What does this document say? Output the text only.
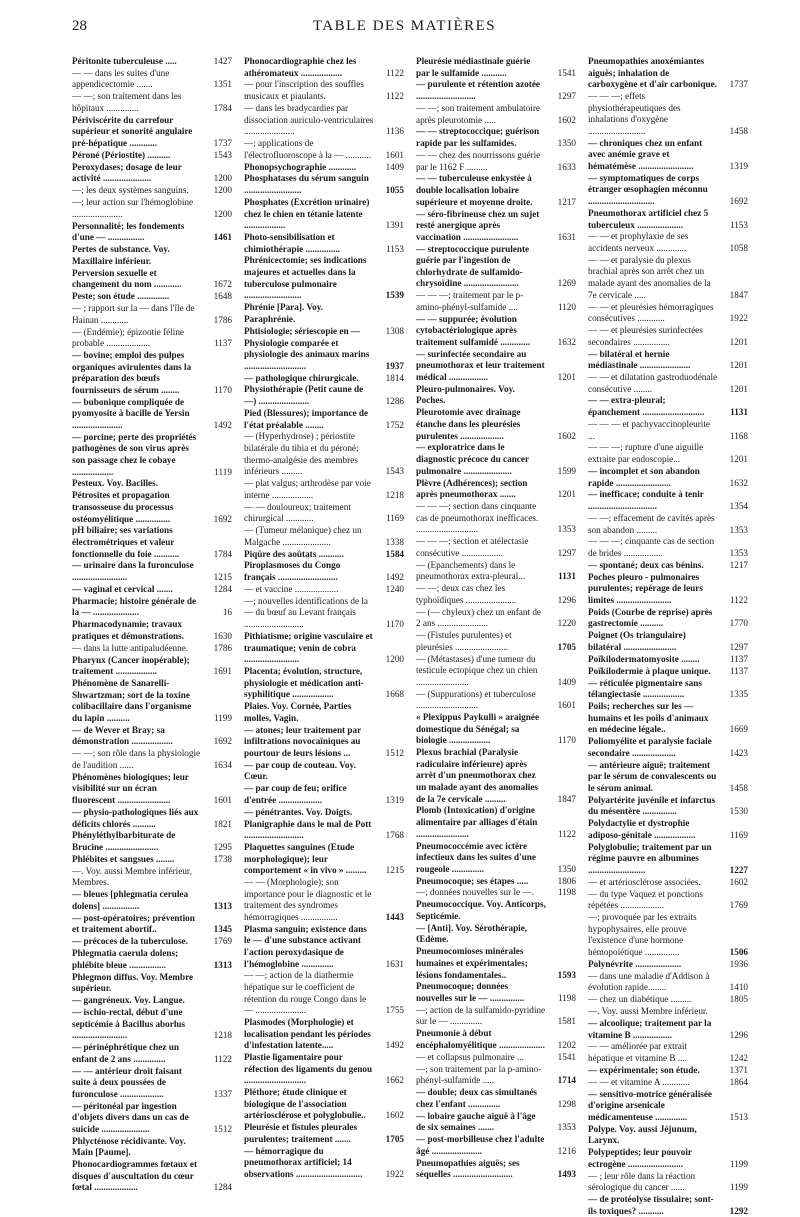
28	TABLE DES MATIÈRES
Péritonite tuberculeuse .....	1427
— — dans les suites d'une appendicectomie .......	1351
— —; son traitement dans les hôpitaux ..............	1784
Périviscérite du carrefour supérieur et sonorité angulaire pré-hépatique ............	1737
Péroné (Périostite) ..........	1543
Peroxydases; dosage de leur activité .....................	1200
—; les deux systèmes sanguins.	1200
—; leur action sur l'hémoglobine ......................	1200
Personnalité; les fondements d'une — ................	1461
Pertes de substance. Voy. Maxillaire inférieur.
Perversion sexuelle et changement du nom ............	1672
Peste; son étude ..............	1648
— ; rapport sur la — dans l'île de Hainan ............	1786
— (Endémie); épizootie féline probable ...................	1137
— bovine; emploi des pulpes organiques avirulentes dans la préparation des bœufs fournisseurs de sérum ........	1170
— bubonique compliquée de pyomyosite à bacille de Yersin ......................	1492
— porcine; perte des propriétés pathogènes de son virus après son passage chez le cobaye ..................	1119
Pesteux. Voy. Bacilles.
Pétrosites et propagation transosseuse du processus ostéomyélitique ...............	1692
pH biliaire; ses variations électrométriques et valeur fonctionnelle du foie ...........	1784
— urinaire dans la furonculose ........................	1215
— vaginal et cervical .......	1284
Pharmacie; histoire générale de la — ....................	16
Pharmacodynamie; travaux pratiques et démonstrations.	1630
— dans la lutte antipaludéenne.	1786
Pharynx (Cancer inopérable); traitement ..................	1691
Phénomène de Sanarelli-Shwartzman; sort de la toxine colibacillaire dans l'organisme du lapin ..........	1199
— de Wever et Bray; sa démonstration ..................	1692
— —; son rôle dans la physiologie de l'audition ......	1634
Phénomènes biologiques; leur visibilité sur un écran fluorescent .......................	1601
— physio-pathologiques liés aux déficits chlorés ..........	1821
Phényléthylbarbiturate de Brucine .......................	1295
Phlébites et sangsues ........	1738
—. Voy. aussi Membre inférieur, Membres.
— bleues [phlegmatia cerulea dolens] ................	1313
— post-opératoires; prévention et traitement abortif..	1345
— précoces de la tuberculose.	1769
Phlegmatia caerula dolens; phlébite bleue ................	1313
Phlegmon diffus. Voy. Membre supérieur.
— gangréneux. Voy. Langue.
— ischio-rectal, début d'une septicémie à Bacillus aborlus ........................	1218
— périnéphrétique chez un enfant de 2 ans ..............	1122
— — antérieur droit faisant suite à deux poussées de furonculose ...................	1337
— péritonéal par ingestion d'objets divers dans un cas de suicide .....................	1512
Phlycténose récidivante. Voy. Main [Paume].
Phonocardiogrammes fœtaux et disques d'auscultation du cœur fœtal ...................	1284
Phonocardiographie chez les athéromateux ..................	1122
— pour l'inscription des souffles musicaux et piaulants.	1122
— dans les bradycardies par dissociation auriculo-ventriculaires ......................	1136
—; applications de l'électrofluoroscope à la — ...........	1601
Phonopsychographie ............	1409
Phosphatases du sérum sanguin .........................	1055
Phosphates (Excrétion urinaire) chez le chien en tétanie latente ..................	1391
Photo-sensibilisation et chimiothérapie ...............	1153
Phrénicectomie; ses indications majeures et actuelles dans la tuberculose pulmonaire .........................	1539
Phrénie [Para]. Voy. Paraphrénie.
Phtisiologie; sériescopie en —	1308
Physiologie comparée et physiologie des animaux marins ...........................	1937
— pathologique chirurgicale.	1814
Physiothérapie (Petit caune de —) ......................	1286
Pied (Blessures); importance de l'état préalable ........	1752
— (Hyperhydrose) ; périostite bilatérale du tibia et du péroné; thermo-analgésie des membres inférieurs .........	1543
— plat valgus; arthrodèse par voie interne ..................	1218
— — douloureux; traitement chirurgical ............	1169
— (Tumeur mélanique) chez un Malgache .....................	1338
Piqûre des aoûtats ...........	1584
Piroplasmoses du Congo français ..........................	1492
— et vaccine ...................	1240
—; nouvelles identifications de la — du bœuf au Levant français ..........................	1170
Pithiatisme; origine vasculaire et traumatique; venin de cobra ........................	1200
Placenta; évolution, structure, physiologie et médication anti-syphilitique ..................	1668
Plaies. Voy. Cornée, Parties molles, Vagin.
— atones; leur traitement par infiltrations novocaïniques au pourtour de leurs lésions ...	1512
— par coup de couteau. Voy. Cœur.
— par coup de feu; orifice d'entrée ...................	1319
— pénétrantes. Voy. Doigts.
Planigraphie dans le mal de Pott ..........................	1768
Plaquettes sanguines (Etude morphologique); leur comportement « in vivo » .........	1215
— — (Morphologie); son importance pour le diagnostic et le traitement des syndromes hémorragiques ................	1443
Plasma sanguin; existence dans le — d'une substance activant l'action peroxydasique de l'hémoglobine ..............	1631
— —; action de la diathermie hépatique sur le coefficient de rétention du rouge Congo dans le — ......................	1755
Plasmodes (Morphologie) et localisation pendant les périodes d'infestation latente.....	1492
Plastie ligamentaire pour réfection des ligaments du genou ...........................	1662
Pléthore; étude clinique et biologique de l'association artériosclérose et polyglobulie..	1602
Pleurésie et fistules pleurales purulentes; traitement .......	1705
— hémorragique du pneumothorax artificiel; 14 observations .............................	1922
Pleurésie médiastinale guérie par le sulfamide ...........	1541
— purulente et rétention azotée ..........................	1297
— —; son traitement ambulatoire après pleurotomie .....	1602
— — streptococcique; guérison rapide par les sulfamides.	1350
— — chez des nourrissons guérie par le 1162 F .........	1633
— — tuberculeuse enkystée à double localisation lobaire supérieure et moyenne droite.	1217
— séro-fibrineuse chez un sujet resté anergique après vaccination ........................	1631
— streptococcique purulente guérie par l'ingestion de chlorhydrate de sulfamido-chrysoïdine ........................	1269
— — —; traitement par le p-amino-phényl-sulfamide ....	1120
— — suppurée; évolution cytobactériologique après traitement sulfamidé .............	1632
— surinfectée secondaire au pneumothorax et leur traitement médical .................	1201
Pleuro-pulmonaires. Voy. Poches.
Pleurotomie avec drainage étanche dans les pleurésies purulentes ...................	1602
— exploratrice dans le diagnostic précoce du cancer pulmonaire .....................	1599
Plèvre (Adhérences); section après pneumothorax .......	1201
— — —; section dans cinquante cas de pneumothorax inefficaces. ...........................	1353
— — —; section et atélectasie consécutive ..................	1297
— (Epanchements) dans le pneumothorax extra-pleural...	1131
— —; deux cas chez les typhoïdiques ......................	1296
— (— chyleux) chez un enfant de 2 ans ......................	1220
— (Fistules purulentes) et pleurésies .......................	1705
— (Métastases) d'une tumeur du testicule ectopique chez un chien .......................	1409
— (Suppurations) et tuberculose ...........................	1601
« Plexippus Paykulli » araignée domestique du Sénégal; sa biologie ..................	1170
Plexus brachial (Paralysie radiculaire inférieure) après arrêt d'un pneumothorax chez un malade ayant des anomalies de la 7e cervicale .........	1847
Plomb (Intoxication) d'origine alimentaire par alliages d'étain .......................	1122
Pneumococcémie avec ictère infectieux dans les suites d'une rougeole ..............	1350
Pneumocoque; ses étapes .....	1806
—; données nouvelles sur le —.	1198
Pneumococcique. Voy. Anticorps, Septicémie.
— [Anti]. Voy. Sérothérapie, Œdème.
Pneumocomioses minérales humaines et expérimentales; lésions fondamentales..	1593
Pneumocoque; données nouvelles sur le — ...............	1198
—; action de la sulfamido-pyridine sur le — ..............	1581
Pneumonie à début encéphalomyélitique .................... 1202
— et collapsus pulmonaire ...	1541
—; son traitement par la p-amino-phényl-sulfamide .....	1714
— double; deux cas simultanés chez l'enfant ..............	1298
— lobaire gauche aiguë à l'âge de six semaines .......	1353
— post-morbilleuse chez l'adulte âgé ......................	1216
Pneumopathies aiguës; ses séquelles ..........................	1493
Pneumopathies anoxémiantes aiguës; inhalation de carboxygène et d'air carbonique. 1737
— — —; effets physiothérapeutiques des inhalations d'oxygène .........................	1458
— chroniques chez un enfant avec anémie grave et hématémèse ........................	1319
— symptomatiques de corps étranger œsophagien méconnu .............................	1692
Pneumothorax artificiel chez 5 tuberculeux ....................	1153
— — et prophylaxie de ses accidents nerveux .............	1058
— — et paralysie du plexus brachial après son arrêt chez un malade ayant des anomalies de la 7e cervicale .....	1847
— — et pleurésies hémorragiques consécutives ............	1922
— — et pleurésies surinfectées secondaires ................	1201
— bilatéral et hernie médiastinale ......................	1201
— — et dilatation gastroduodénale consécutive ........	1201
— — extra-pleural; épanchement ...........................	1131
— — — et pachyvaccinopleurite ...	1168
— — —; rupture d'une aiguille extraite par endoscopie...	1201
— incomplet et son abandon rapide ........................	1632
— inefficace; conduite à tenir ..............................	1354
— —; effacement de cavités après son abandon .........	1353
— — —; cinquante cas de section de brides .................	1353
— spontané; deux cas bénins.	1217
Poches pleuro - pulmonaires purulentes; repérage de leurs limites ........................	1122
Poids (Courbe de reprise) après gastrectomie ..........	1770
Poignet (Os triangulaire) bilatéral .......................	1297
Poïkilodermatomyosite ........	1137
Poïkilodermie à plaque unique.	1137
— réticulée pigmentaire sans télangiectasie ..................	1335
Poils; recherches sur les — humains et les poils d'animaux en médecine légale..	1669
Poliomyélite et paralysie faciale secondaire ...................	1423
— antérieure aiguë; traitement par le sérum de convalescents ou le sérum animal.	1458
Polyartérite juvénile et infarctus du mésentère ...............	1530
Polydactylie et dystrophie adiposo-génitale ..................	1169
Polyglobulie; traitement par un régime pauvre en albumines .........................	1227
— et artériosclérose associées.	1602
— du type Vaquez et ponctions répétées ...................	1769
—; provoquée par les extraits hypophysaires, elle prouve l'existence d'une hormone hémopoïétique ...............	1506
Polynévrite ....................	1936
— dans une maladie d'Addison à évolution rapide........	1410
— chez un diabétique .........	1805
—. Voy. aussi Membre inférieur.
— alcoolique; traitement par la vitamine B .................	1296
— — amélioréе par extrait hépatique et vitamine B ....	1242
— expérimentale; son étude.	1371
— — et vitamine A ............	1864
— sensitivo-motrice généralisée d'origine arsenicale médicamenteuse ..............	1513
Polype. Voy. aussi Jéjunum, Larynx.
Polypeptides; leur pouvoir ectrogène ........................	1199
— ; leur rôle dans la réaction sérologique du cancer ......	1199
— de protéolyse tissulaire; sont-ils toxiques? ...........	1292
